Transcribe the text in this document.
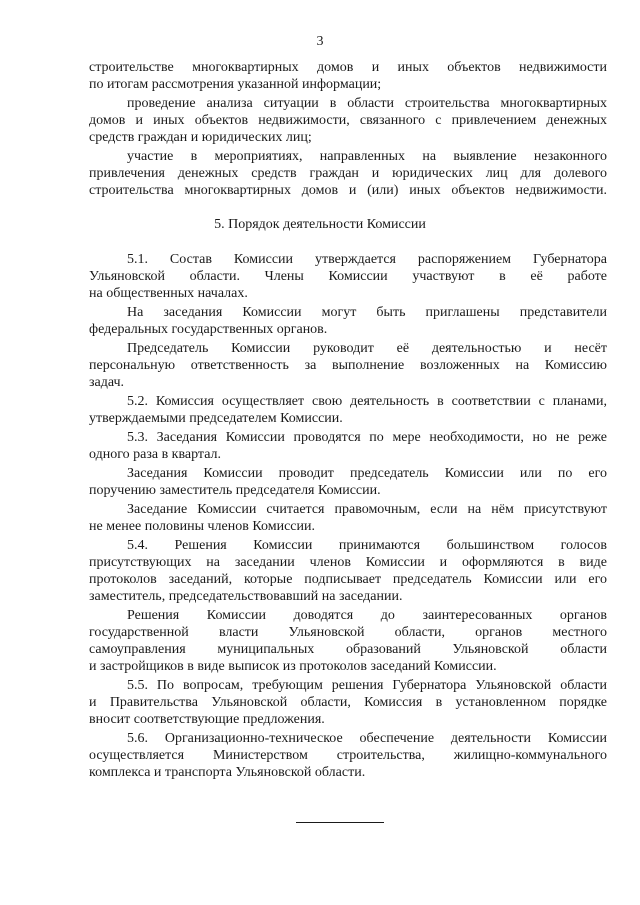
3
строительстве многоквартирных домов и иных объектов недвижимости
по итогам рассмотрения указанной информации;
проведение анализа ситуации в области строительства многоквартирных
домов и иных объектов недвижимости, связанного с привлечением денежных
средств граждан и юридических лиц;
участие в мероприятиях, направленных на выявление незаконного
привлечения денежных средств граждан и юридических лиц для долевого
строительства многоквартирных домов и (или) иных объектов недвижимости.
5. Порядок деятельности Комиссии
5.1. Состав Комиссии утверждается распоряжением Губернатора
Ульяновской области. Члены Комиссии участвуют в её работе
на общественных началах.
На заседания Комиссии могут быть приглашены представители
федеральных государственных органов.
Председатель Комиссии руководит её деятельностью и несёт
персональную ответственность за выполнение возложенных на Комиссию
задач.
5.2. Комиссия осуществляет свою деятельность в соответствии с планами,
утверждаемыми председателем Комиссии.
5.3. Заседания Комиссии проводятся по мере необходимости, но не реже
одного раза в квартал.
Заседания Комиссии проводит председатель Комиссии или по его
поручению заместитель председателя Комиссии.
Заседание Комиссии считается правомочным, если на нём присутствуют
не менее половины членов Комиссии.
5.4. Решения Комиссии принимаются большинством голосов
присутствующих на заседании членов Комиссии и оформляются в виде
протоколов заседаний, которые подписывает председатель Комиссии или его
заместитель, председательствовавший на заседании.
Решения Комиссии доводятся до заинтересованных органов
государственной власти Ульяновской области, органов местного
самоуправления муниципальных образований Ульяновской области
и застройщиков в виде выписок из протоколов заседаний Комиссии.
5.5. По вопросам, требующим решения Губернатора Ульяновской области
и Правительства Ульяновской области, Комиссия в установленном порядке
вносит соответствующие предложения.
5.6. Организационно-техническое обеспечение деятельности Комиссии
осуществляется Министерством строительства, жилищно-коммунального
комплекса и транспорта Ульяновской области.
